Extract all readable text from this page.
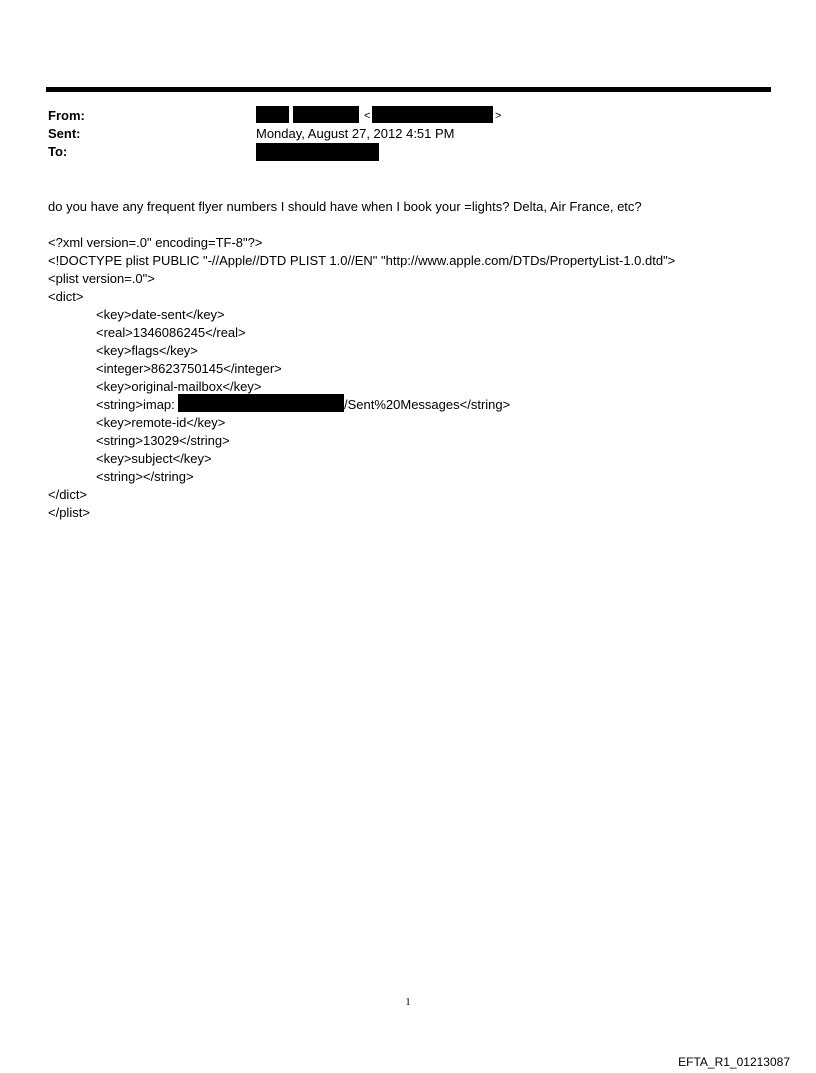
From:
Sent:
To:
<	>
Monday, August 27, 2012 4:51 PM
do you have any frequent flyer numbers I should have when I book your =lights? Delta, Air France, etc?
<?xml version=.0" encoding=TF-8"?>
<!DOCTYPE plist PUBLIC "-//Apple//DTD PLIST 1.0//EN" "http://www.apple.com/DTDs/PropertyList-1.0.dtd">
<plist version=.0">
<dict>
<key>date-sent</key>
<real>1346086245</real>
<key>flags</key>
<integer>8623750145</integer>
<key>original-mailbox</key>
<string>imap:	/Sent%20Messages</string>
<key>remote-id</key>
<string>13029</string>
<key>subject</key>
<string></string>
</dict>
</plist>
1
EFTA_R1_01213087
